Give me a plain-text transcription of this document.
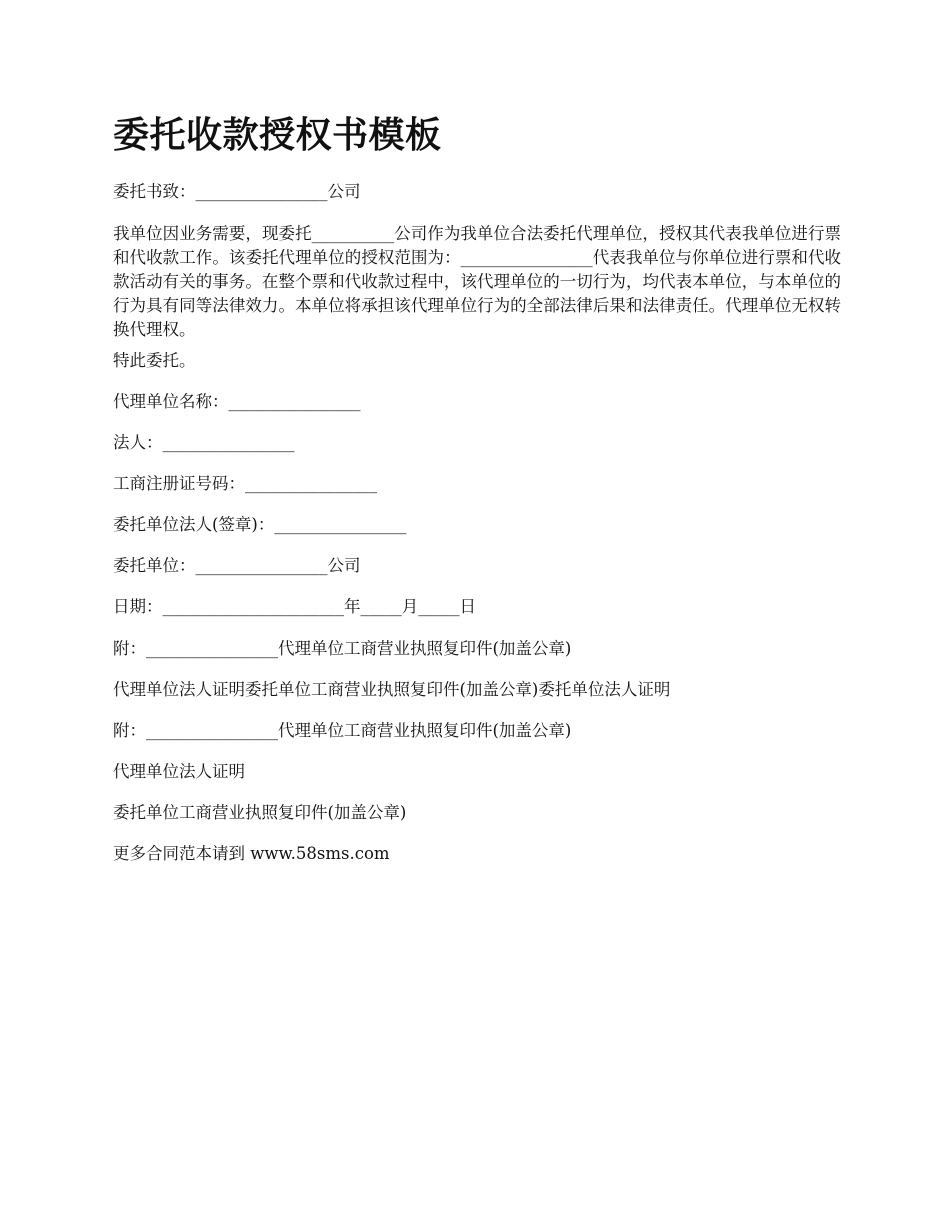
委托收款授权书模板

委托书致：________________公司

我单位因业务需要，现委托__________公司作为我单位合法委托代理单位，授权其代表我单位进行票和代收款工作。该委托代理单位的授权范围为：________________代表我单位与你单位进行票和代收款活动有关的事务。在整个票和代收款过程中，该代理单位的一切行为，均代表本单位，与本单位的行为具有同等法律效力。本单位将承担该代理单位行为的全部法律后果和法律责任。代理单位无权转换代理权。

特此委托。

代理单位名称：________________

法人：________________

工商注册证号码：________________

委托单位法人(签章)：________________

委托单位：________________公司

日期：______________________年_____月_____日

附：________________代理单位工商营业执照复印件(加盖公章)

代理单位法人证明委托单位工商营业执照复印件(加盖公章)委托单位法人证明

附：________________代理单位工商营业执照复印件(加盖公章)

代理单位法人证明

委托单位工商营业执照复印件(加盖公章)

更多合同范本请到 www.58sms.com
